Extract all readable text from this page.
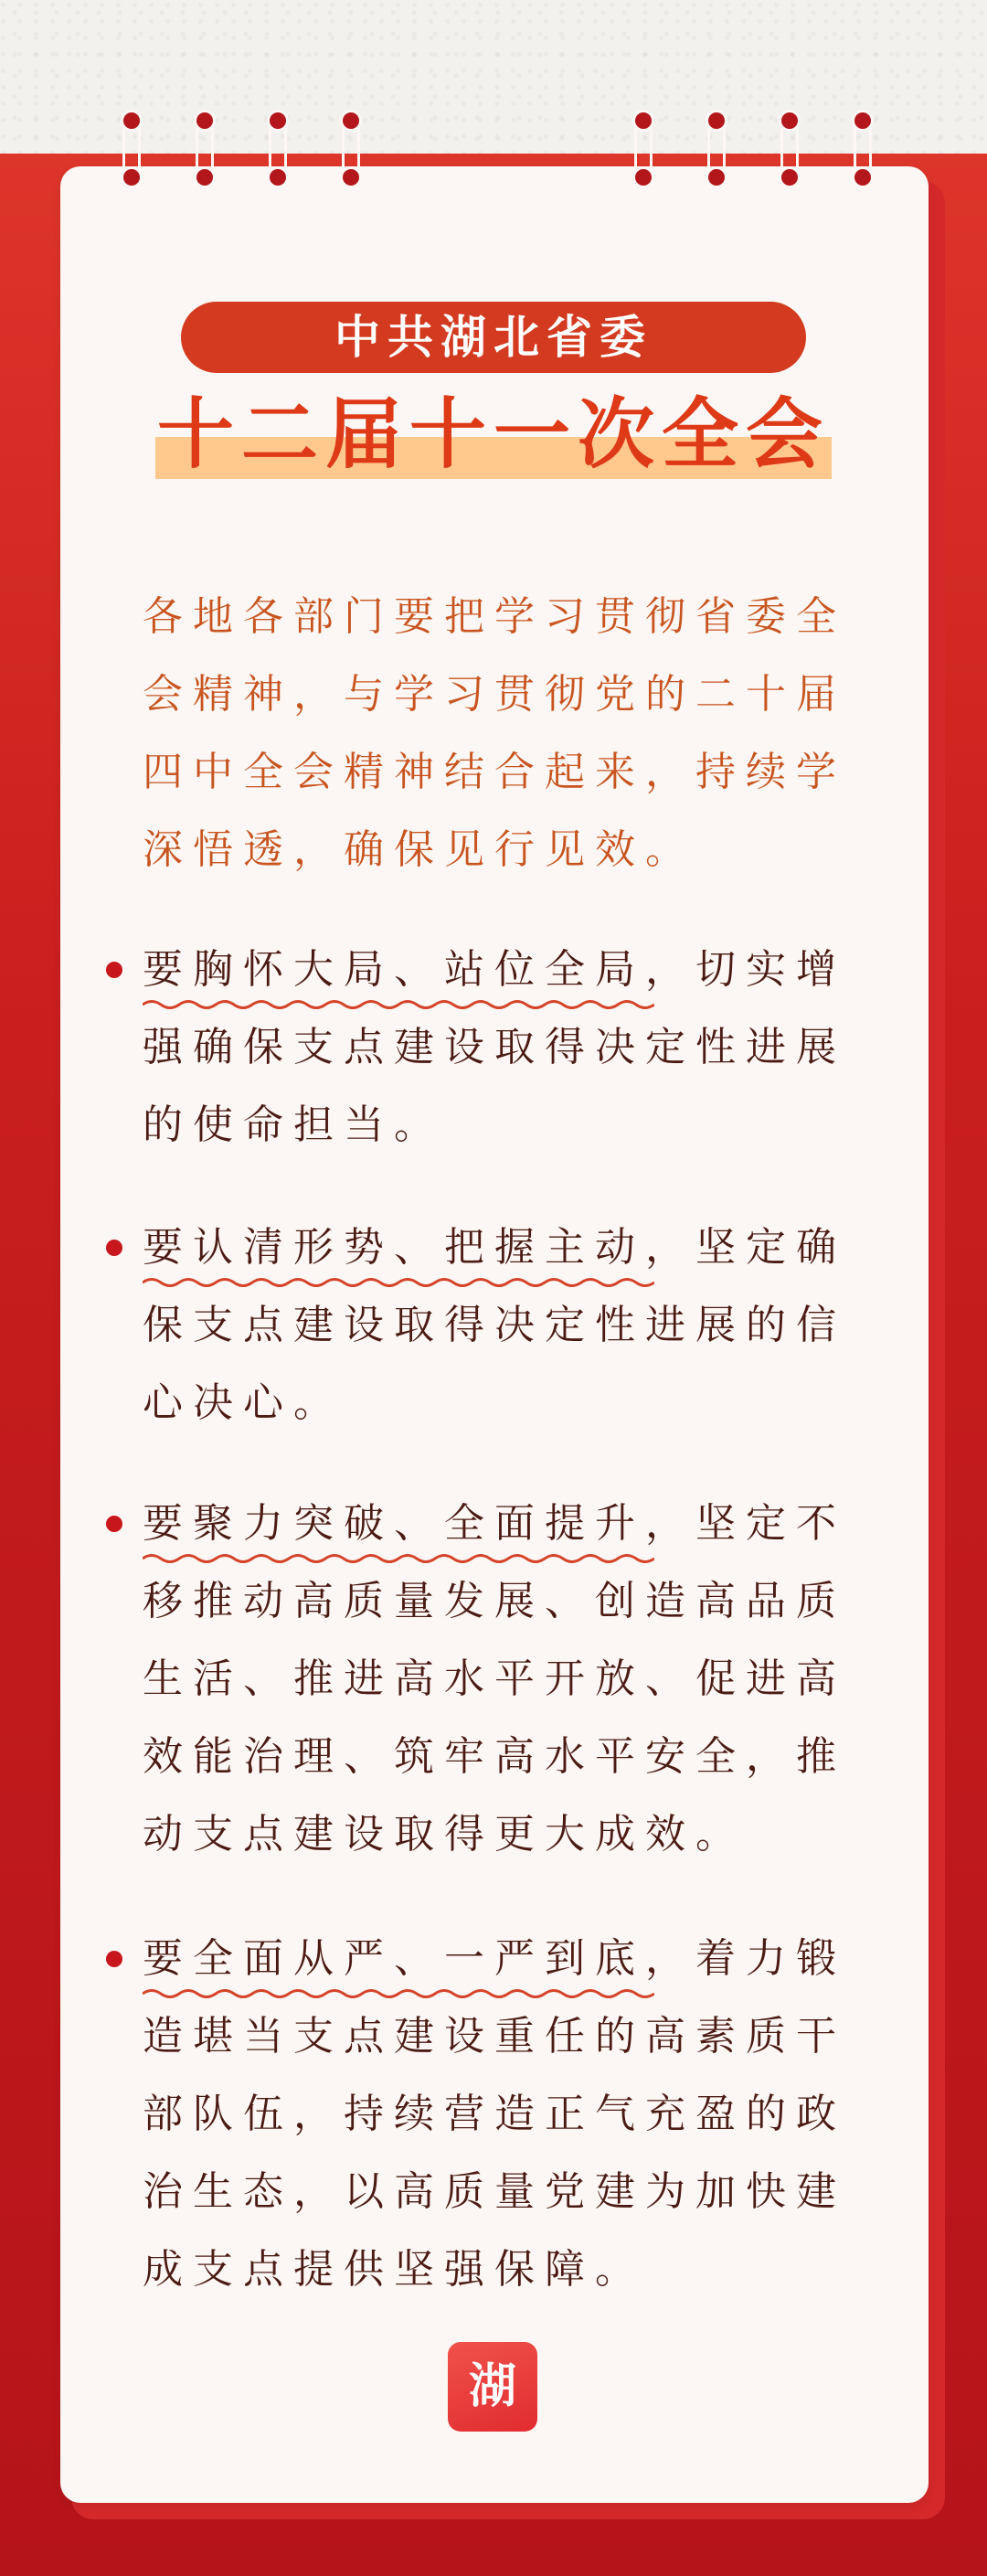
中共湖北省委
十二届十一次全会
各地各部门要把学习贯彻省委全
会精神，与学习贯彻党的二十届
四中全会精神结合起来，持续学
深悟透，确保见行见效。
要胸怀大局、站位全局，切实增
强确保支点建设取得决定性进展
的使命担当。
要认清形势、把握主动，坚定确
保支点建设取得决定性进展的信
心决心。
要聚力突破、全面提升，坚定不
移推动高质量发展、创造高品质
生活、推进高水平开放、促进高
效能治理、筑牢高水平安全，推
动支点建设取得更大成效。
要全面从严、一严到底，着力锻
造堪当支点建设重任的高素质干
部队伍，持续营造正气充盈的政
治生态，以高质量党建为加快建
成支点提供坚强保障。
湖
